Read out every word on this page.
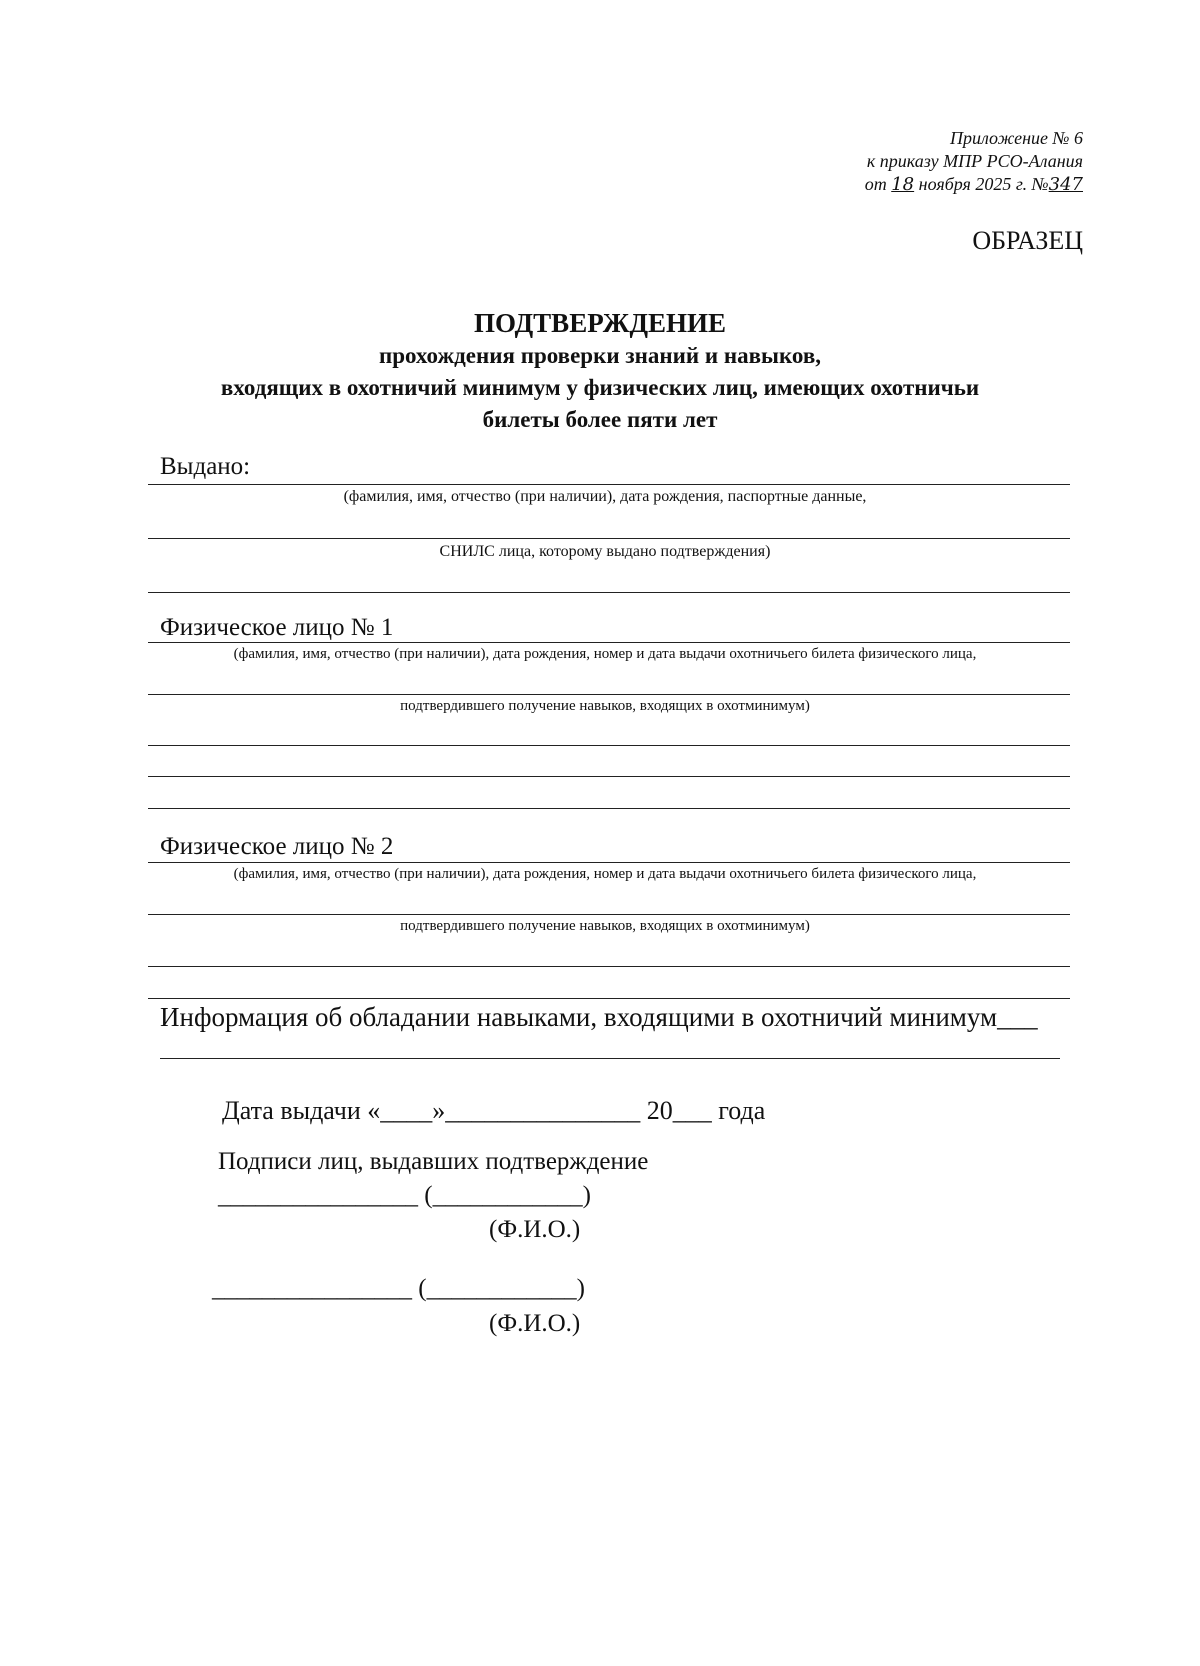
Приложение № 6
к приказу МПР РСО-Алания
от 18 ноября 2025 г. №347
ОБРАЗЕЦ
ПОДТВЕРЖДЕНИЕ
прохождения проверки знаний и навыков,
входящих в охотничий минимум у физических лиц, имеющих охотничьи
билеты более пяти лет
Выдано:
(фамилия, имя, отчество (при наличии), дата рождения, паспортные данные,
СНИЛС лица, которому выдано подтверждения)
Физическое лицо № 1
(фамилия, имя, отчество (при наличии), дата рождения, номер и дата выдачи охотничьего билета физического лица,
подтвердившего получение навыков, входящих в охотминимум)
Физическое лицо № 2
(фамилия, имя, отчество (при наличии), дата рождения, номер и дата выдачи охотничьего билета физического лица,
подтвердившего получение навыков, входящих в охотминимум)
Информация об обладании навыками, входящими в охотничий минимум___
Дата выдачи «____»_______________ 20___ года
Подписи лиц, выдавших подтверждение
________________ (____________)
(Ф.И.О.)
________________ (____________)
(Ф.И.О.)
